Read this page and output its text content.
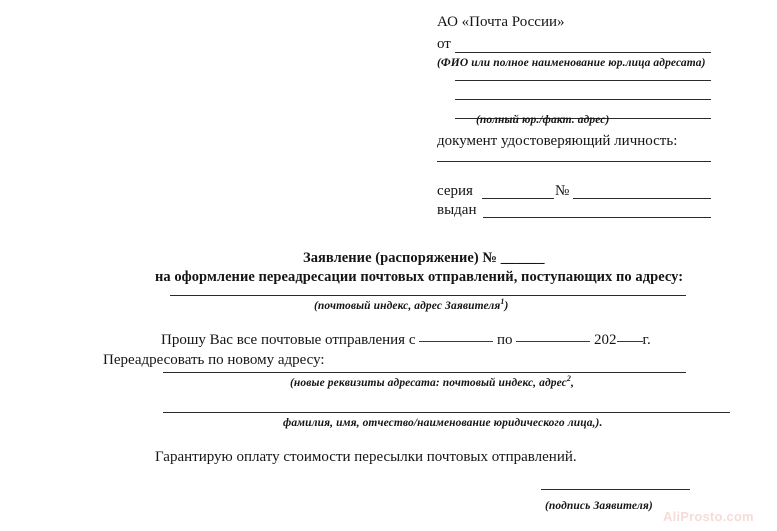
АО «Почта России»
от
(ФИО или полное наименование юр.лица адресата)
(полный юр./факт. адрес)
документ удостоверяющий личность:
серия	№
выдан
Заявление (распоряжение) № ______
на оформление переадресации почтовых отправлений, поступающих по адресу:
(почтовый индекс, адрес Заявителя$^1$)
Прошу Вас все почтовые отправления с	по	202 г.
Переадресовать по новому адресу:
(новые реквизиты адресата: почтовый индекс, адрес$^2$,
фамилия, имя, отчество/наименование юридического лица,).
Гарантирую оплату стоимости пересылки почтовых отправлений.
(подпись Заявителя)
AliProsto.com
